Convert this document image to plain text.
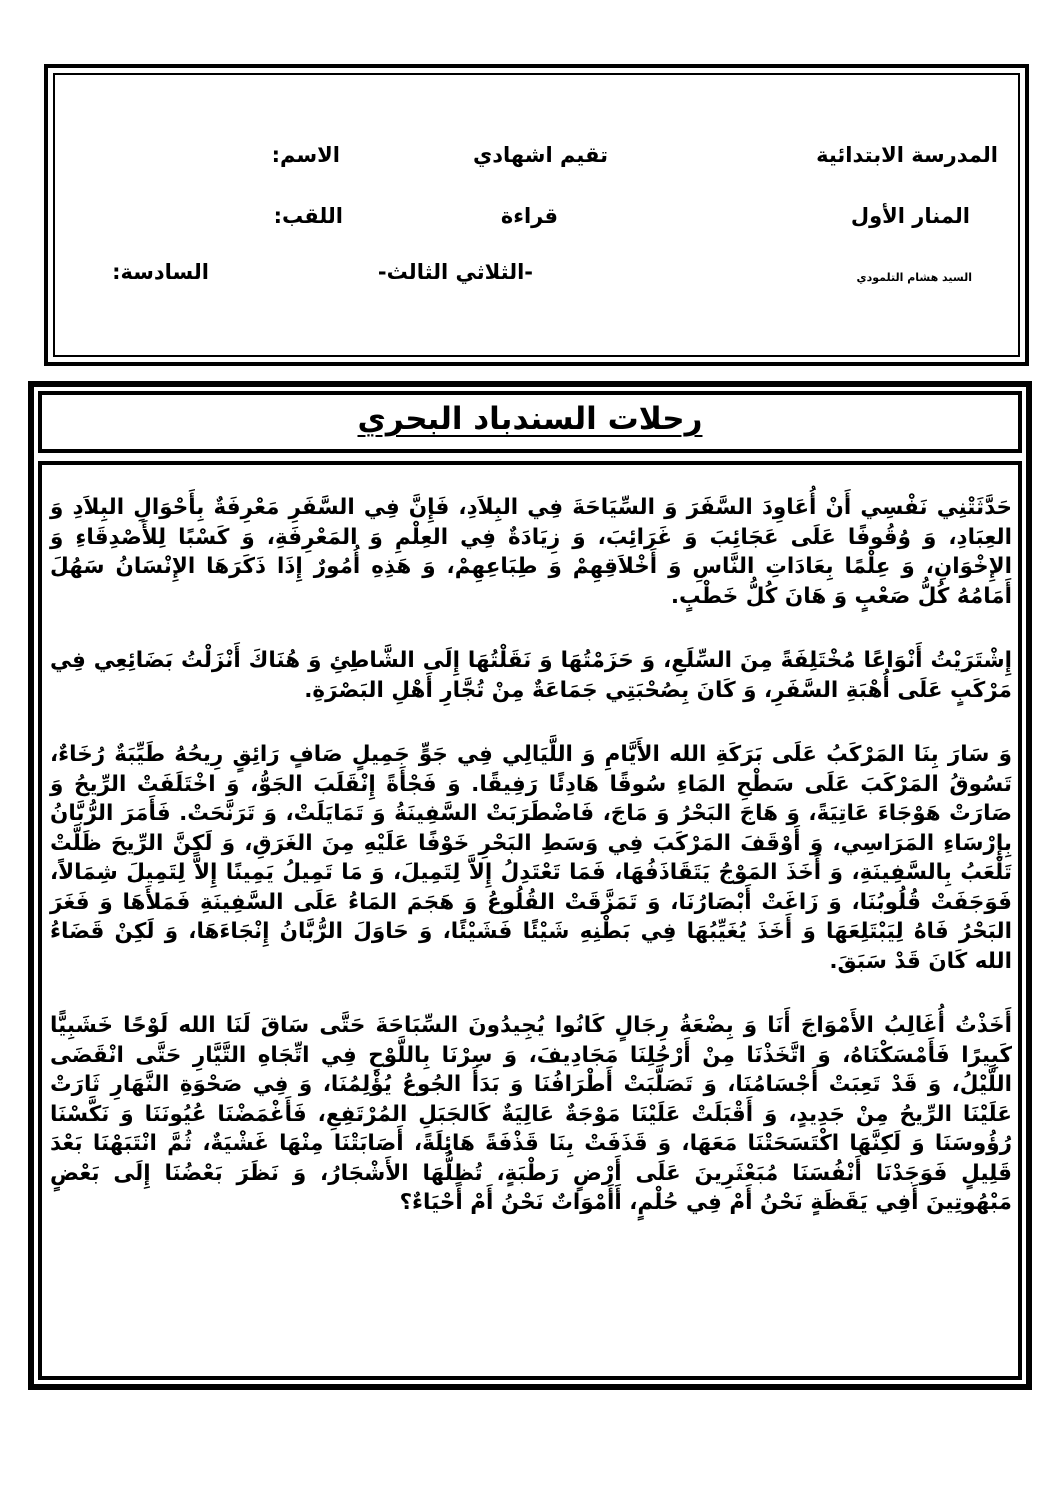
المدرسة الابتدائية
المنار الأول
السيد هشام التلمودي
تقيم اشهادي
قراءة
-الثلاثي الثالث-
الاسم:
اللقب:
السادسة:
رحلات السندباد البحري

حَدَّثَتْنِي نَفْسِي أَنْ أُعَاوِدَ السَّفَرَ وَ السِّيَاحَةَ فِي البِلاَدِ، فَإِنَّ فِي السَّفَرِ مَعْرِفَةٌ بِأَحْوَالِ البِلاَدِ وَ العِبَادِ، وَ وُقُوفًا عَلَى عَجَائِبَ وَ غَرَائِبَ، وَ زِيَادَةٌ فِي العِلْمِ وَ المَعْرِفَةِ، وَ كَسْبًا لِلأَصْدِقَاءِ وَ الإِخْوَانِ، وَ عِلْمًا بِعَادَاتِ النَّاسِ وَ أَخْلاَقِهِمْ وَ طِبَاعِهِمْ، وَ هَذِهِ أُمُورٌ إِذَا ذَكَرَهَا الإِنْسَانُ سَهُلَ أَمَامُهُ كُلُّ صَعْبٍ وَ هَانَ كُلُّ خَطْبٍ.

إِشْتَرَيْتُ أَنْوَاعًا مُخْتَلِفَةً مِنَ السِّلَعِ، وَ حَزَمْتُهَا وَ نَقَلْتُهَا إِلَى الشَّاطِئِ وَ هُنَاكَ أَنْزَلْتُ بَضَائِعِي فِي مَرْكَبٍ عَلَى أُهْبَةِ السَّفَرِ، وَ كَانَ بِصُحْبَتِي جَمَاعَةٌ مِنْ تُجَّارِ أَهْلِ البَصْرَةِ.

وَ سَارَ بِنَا المَرْكَبُ عَلَى بَرَكَةِ الله الأَيَّامِ وَ اللَّيَالِي فِي جَوٍّ جَمِيلٍ صَافٍ رَائِقٍ رِيحُهُ طَيِّبَةٌ رُخَاءٌ، تَسُوقُ المَرْكَبَ عَلَى سَطْحِ المَاءِ سُوقًا هَادِئًا رَفِيقًا. وَ فَجْأَةً إِنْقَلَبَ الجَوُّ، وَ اخْتَلَفَتْ الرِّيحُ وَ صَارَتْ هَوْجَاءَ عَاتِيَةً، وَ هَاجَ البَحْرُ وَ مَاجَ، فَاضْطَرَبَتْ السَّفِينَةُ وَ تَمَايَلَتْ، وَ تَرَنَّحَتْ. فَأَمَرَ الرُّبَّانُ بِإِرْسَاءِ المَرَاسِي، وَ أَوْقَفَ المَرْكَبَ فِي وَسَطِ البَحْرِ خَوْفًا عَلَيْهِ مِنَ الغَرَقِ، وَ لَكِنَّ الرِّيحَ ظَلَّتْ تَلْعَبُ بِالسَّفِينَةِ، وَ أَخَذَ المَوْجُ يَتَقَاذَفُهَا، فَمَا تَعْتَدِلُ إِلاَّ لِتَمِيلَ، وَ مَا تَمِيلُ يَمِينًا إِلاَّ لِتَمِيلَ شِمَالاً، فَوَجَفَتْ قُلُوبُنَا، وَ زَاغَتْ أَبْصَارُنَا، وَ تَمَزَّقَتْ القُلُوعُ وَ هَجَمَ المَاءُ عَلَى السَّفِينَةِ فَمَلأَهَا وَ فَغَرَ البَحْرُ فَاهُ لِيَبْتَلِعَهَا وَ أَخَذَ يُغَيِّبُهَا فِي بَطْنِهِ شَيْئًا فَشَيْئًا، وَ حَاوَلَ الرُّبَّانُ إِنْجَاءَهَا، وَ لَكِنْ قَضَاءُ الله كَانَ قَدْ سَبَقَ.

أَخَذْتُ أُغَالِبُ الأَمْوَاجَ أَنَا وَ بِضْعَةُ رِجَالٍ كَانُوا يُجِيدُونَ السِّبَاحَةَ حَتَّى سَاقَ لَنَا الله لَوْحًا خَشَبِيًّا كَبِيرًا فَأَمْسَكْنَاهُ، وَ اتَّخَذْنَا مِنْ أَرْجُلِنَا مَجَادِيفَ، وَ سِرْنَا بِاللَّوْحِ فِي اتِّجَاهِ التَّيَّارِ حَتَّى انْقَضَى اللَّيْلُ، وَ قَدْ تَعِبَتْ أَجْسَامُنَا، وَ تَصَلَّبَتْ أَطْرَافُنَا وَ بَدَأَ الجُوعُ يُؤْلِمُنَا، وَ فِي صَحْوَةِ النَّهَارِ ثَارَتْ عَلَيْنَا الرِّيحُ مِنْ جَدِيدٍ، وَ أَقْبَلَتْ عَلَيْنَا مَوْجَةٌ عَالِيَةٌ كَالجَبَلِ المُرْتَفِعِ، فَأَغْمَضْنَا عُيُونَنَا وَ نَكَّسْنَا رُؤُوسَنَا وَ لَكِنَّهَا اكْتَسَحَتْنَا مَعَهَا، وَ قَذَفَتْ بِنَا قَذْفَةً هَائِلَةً، أَصَابَتْنَا مِنْهَا غَشْيَةٌ، ثُمَّ انْتَبَهْنَا بَعْدَ قَلِيلٍ فَوَجَدْنَا أَنْفُسَنَا مُبَعْثَرِينَ عَلَى أَرْضٍ رَطْبَةٍ، تُظِلُّهَا الأَشْجَارُ، وَ نَظَرَ بَعْضُنَا إِلَى بَعْضٍ مَبْهُوتِينَ أَفِي يَقَظَةٍ نَحْنُ أَمْ فِي حُلْمٍ، أَأَمْوَاتٌ نَحْنُ أَمْ أَحْيَاءٌ؟
